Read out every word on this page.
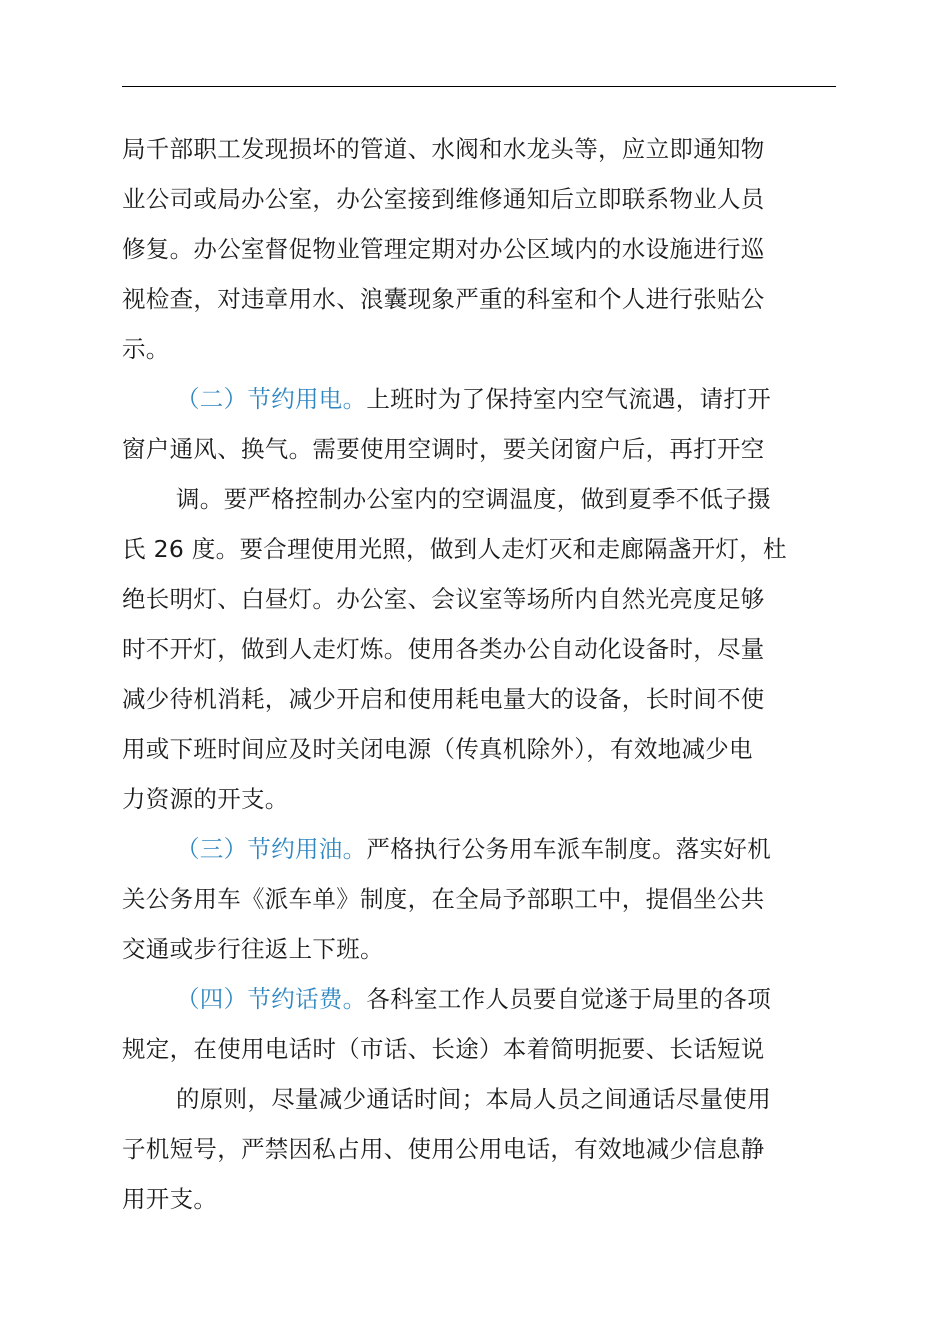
局千部职工发现损坏的管道、水阀和水龙头等，应立即通知物
业公司或局办公室，办公室接到维修通知后立即联系物业人员
修复。办公室督促物业管理定期对办公区域内的水设施进行巡
视检查，对违章用水、浪囊现象严重的科室和个人进行张贴公
示。
（二）节约用电。上班时为了保持室内空气流遇，请打开
窗户通风、换气。需要使用空调时，要关闭窗户后，再打开空
调。要严格控制办公室内的空调温度，做到夏季不低子摄
氏 26 度。要合理使用光照，做到人走灯灭和走廊隔盏开灯，杜
绝长明灯、白昼灯。办公室、会议室等场所内自然光亮度足够
时不开灯，做到人走灯炼。使用各类办公自动化设备时，尽量
减少待机消耗，减少开启和使用耗电量大的设备，长时间不使
用或下班时间应及时关闭电源（传真机除外），有效地减少电
力资源的开支。
（三）节约用油。严格执行公务用车派车制度。落实好机
关公务用车《派车单》制度，在全局予部职工中，提倡坐公共
交通或步行往返上下班。
（四）节约话费。各科室工作人员要自觉遂于局里的各项
规定，在使用电话时（市话、长途）本着简明扼要、长话短说
的原则，尽量减少通话时间；本局人员之间通话尽量使用
子机短号，严禁因私占用、使用公用电话，有效地减少信息静
用开支。
